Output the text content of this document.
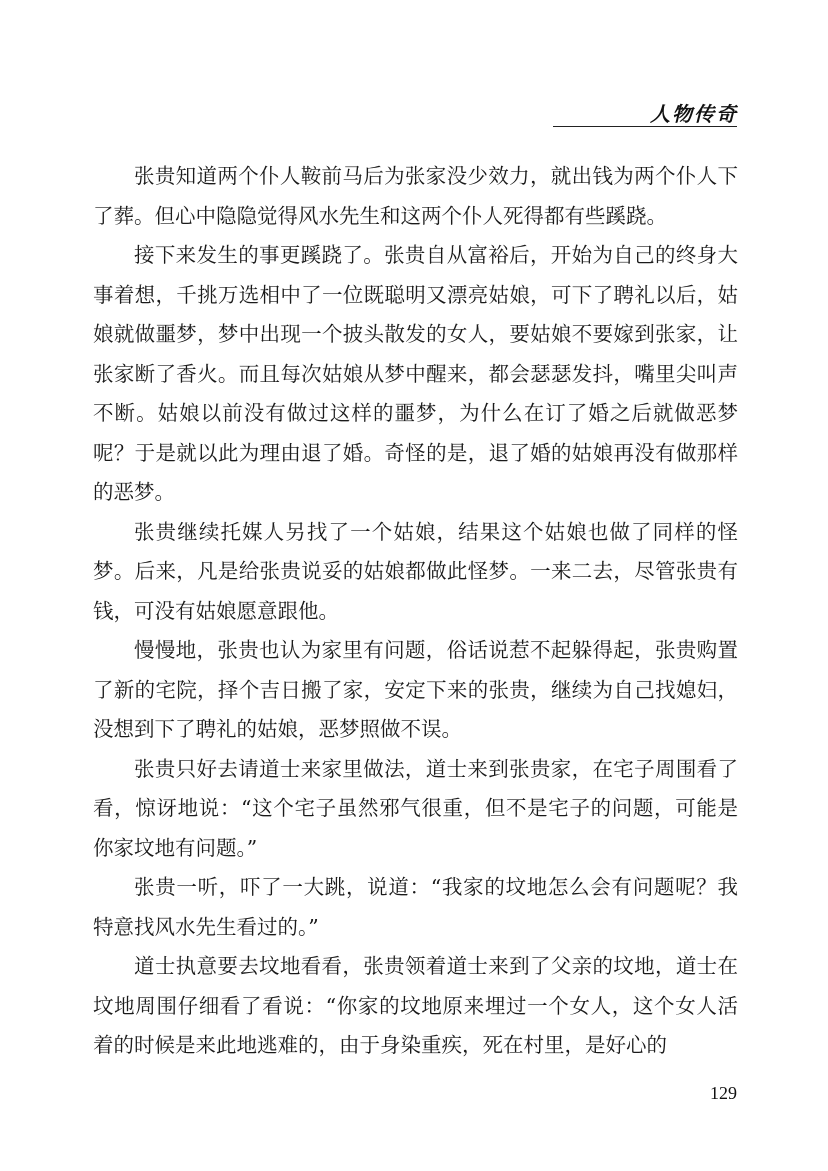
人物传奇

张贵知道两个仆人鞍前马后为张家没少效力，就出钱为两个仆人下了葬。但心中隐隐觉得风水先生和这两个仆人死得都有些蹊跷。

接下来发生的事更蹊跷了。张贵自从富裕后，开始为自己的终身大事着想，千挑万选相中了一位既聪明又漂亮姑娘，可下了聘礼以后，姑娘就做噩梦，梦中出现一个披头散发的女人，要姑娘不要嫁到张家，让张家断了香火。而且每次姑娘从梦中醒来，都会瑟瑟发抖，嘴里尖叫声不断。姑娘以前没有做过这样的噩梦，为什么在订了婚之后就做恶梦呢？于是就以此为理由退了婚。奇怪的是，退了婚的姑娘再没有做那样的恶梦。

张贵继续托媒人另找了一个姑娘，结果这个姑娘也做了同样的怪梦。后来，凡是给张贵说妥的姑娘都做此怪梦。一来二去，尽管张贵有钱，可没有姑娘愿意跟他。

慢慢地，张贵也认为家里有问题，俗话说惹不起躲得起，张贵购置了新的宅院，择个吉日搬了家，安定下来的张贵，继续为自己找媳妇，没想到下了聘礼的姑娘，恶梦照做不误。

张贵只好去请道士来家里做法，道士来到张贵家，在宅子周围看了看，惊讶地说：“这个宅子虽然邪气很重，但不是宅子的问题，可能是你家坟地有问题。”

张贵一听，吓了一大跳，说道：“我家的坟地怎么会有问题呢？我特意找风水先生看过的。”

道士执意要去坟地看看，张贵领着道士来到了父亲的坟地，道士在坟地周围仔细看了看说：“你家的坟地原来埋过一个女人，这个女人活着的时候是来此地逃难的，由于身染重疾，死在村里，是好心的

129
